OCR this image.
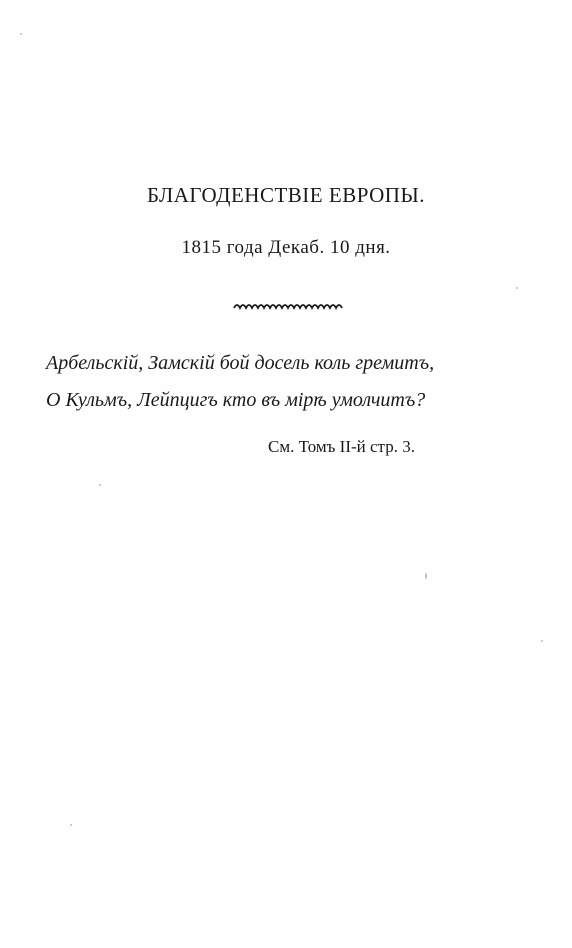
БЛАГОДЕНСТВІЕ ЕВРОПЫ.
1815 года Декаб. 10 дня.
Арбельскій, Замскій бой досель коль гремитъ,
О Кульмъ, Лейпцигъ кто въ мірѣ умолчитъ?
См. Томъ II-й стр. 3.
